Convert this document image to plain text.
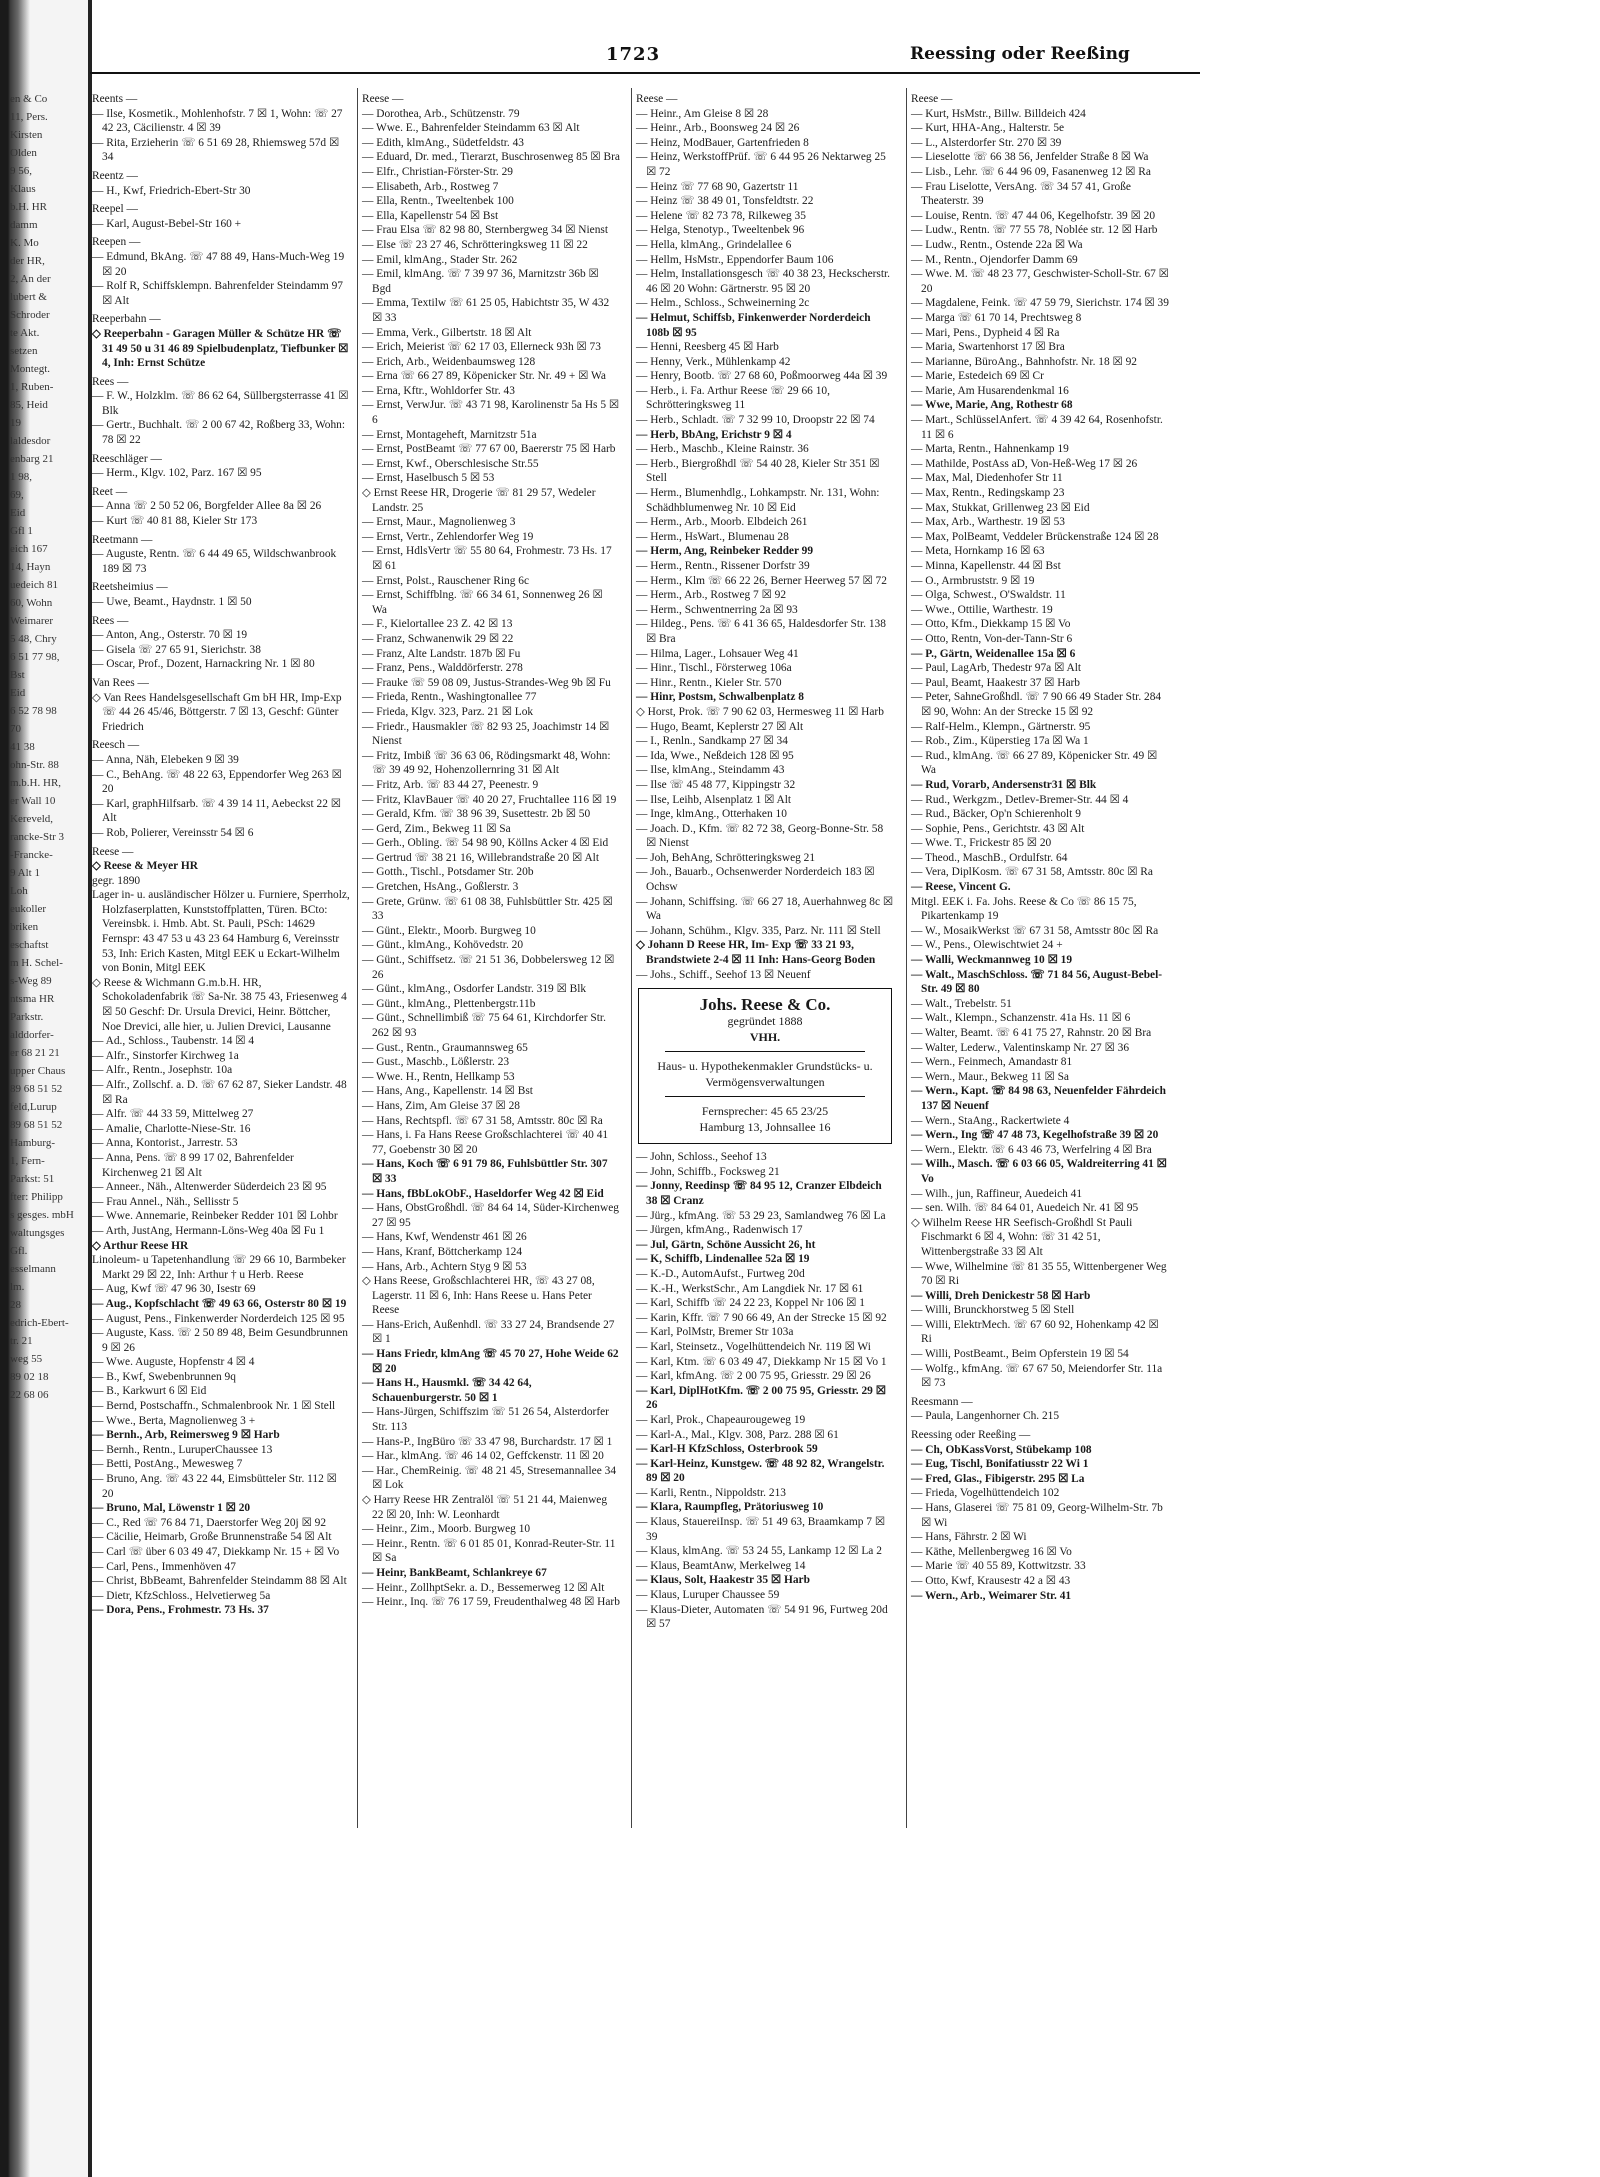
en & Co
11, Pers.
Kirsten
Olden
9 56,
Klaus
b.H. HR
damm
K. Mo
der HR,
2, An der
lubert &
Schroder
te Akt.
setzen
Montegt.
1, Ruben-
85, Heid
19
laldesdor
enbarg 21
1 98,
69,
Eid
Gfl 1
eich 167
14, Hayn
uedeich 81
60, Wohn
Weimarer
5 48, Chry
6 51 77 98,
Bst
Eid
6 52 78 98
70
41 38
ohn-Str. 88
m.b.H. HR,
er Wall 10
Kereveld,
rancke-Str 3
-Francke-
9 Alt 1
Loh
eukoller
briken
eschaftst
m H. Schel-
s-Weg 89
ntsma HR
Parkstr.
alddorfer-
er 68 21 21
upper Chaus
89 68 51 52
feld,Lurup
89 68 51 52
Hamburg-
1, Fern-
Parkst: 51
fter: Philipp
s gesges. mbH
waltungsges
Gfl.
esselmann
lm.
28
edrich-Ebert-
tr. 21
weg 55
89 02 18
22 68 06
1723	Reessing oder Reeßing

Reents —

— Ilse, Kosmetik., Mohlenhofstr. 7 ☒ 1, Wohn: ☏ 27 42 23, Cäcilienstr. 4 ☒ 39

— Rita, Erzieherin ☏ 6 51 69 28, Rhiemsweg 57d ☒ 34

Reentz —

— H., Kwf, Friedrich-Ebert-Str 30

Reepel —

— Karl, August-Bebel-Str 160 +

Reepen —

— Edmund, BkAng. ☏ 47 88 49, Hans-Much-Weg 19 ☒ 20

— Rolf R, Schiffsklempn. Bahrenfelder Steindamm 97 ☒ Alt

Reeperbahn —

◇ Reeperbahn - Garagen Müller & Schütze HR ☏ 31 49 50 u 31 46 89 Spielbudenplatz, Tiefbunker ☒ 4, Inh: Ernst Schütze

Rees —

— F. W., Holzklm. ☏ 86 62 64, Süllbergsterrasse 41 ☒ Blk

— Gertr., Buchhalt. ☏ 2 00 67 42, Roßberg 33, Wohn: 78 ☒ 22

Reeschläger —

— Herm., Klgv. 102, Parz. 167 ☒ 95

Reet —

— Anna ☏ 2 50 52 06, Borgfelder Allee 8a ☒ 26

— Kurt ☏ 40 81 88, Kieler Str 173

Reetmann —

— Auguste, Rentn. ☏ 6 44 49 65, Wildschwanbrook 189 ☒ 73

Reetsheimius —

— Uwe, Beamt., Haydnstr. 1 ☒ 50

Rees —

— Anton, Ang., Osterstr. 70 ☒ 19

— Gisela ☏ 27 65 91, Sierichstr. 38

— Oscar, Prof., Dozent, Harnackring Nr. 1 ☒ 80

Van Rees —

◇ Van Rees Handelsgesellschaft Gm bH HR, Imp-Exp ☏ 44 26 45/46, Böttgerstr. 7 ☒ 13, Geschf: Günter Friedrich

Reesch —

— Anna, Näh, Elebeken 9 ☒ 39

— C., BehAng. ☏ 48 22 63, Eppendorfer Weg 263 ☒ 20

— Karl, graphHilfsarb. ☏ 4 39 14 11, Aebeckst 22 ☒ Alt

— Rob, Polierer, Vereinsstr 54 ☒ 6

Reese —

◇ Reese & Meyer HR

gegr. 1890

Lager in- u. ausländischer Hölzer u. Furniere, Sperrholz, Holzfaserplatten, Kunststoffplatten, Türen. BCto: Vereinsbk. i. Hmb. Abt. St. Pauli, PSch: 14629 Fernspr: 43 47 53 u 43 23 64 Hamburg 6, Vereinsstr 53, Inh: Erich Kasten, Mitgl EEK u Eckart-Wilhelm von Bonin, Mitgl EEK

◇ Reese & Wichmann G.m.b.H. HR, Schokoladenfabrik ☏ Sa-Nr. 38 75 43, Friesenweg 4 ☒ 50 Geschf: Dr. Ursula Drevici, Heinr. Böttcher, Noe Drevici, alle hier, u. Julien Drevici, Lausanne

— Ad., Schloss., Taubenstr. 14 ☒ 4

— Alfr., Sinstorfer Kirchweg 1a

— Alfr., Rentn., Josephstr. 10a

— Alfr., Zollschf. a. D. ☏ 67 62 87, Sieker Landstr. 48 ☒ Ra

— Alfr. ☏ 44 33 59, Mittelweg 27

— Amalie, Charlotte-Niese-Str. 16

— Anna, Kontorist., Jarrestr. 53

— Anna, Pens. ☏ 8 99 17 02, Bahrenfelder Kirchenweg 21 ☒ Alt

— Anneer., Näh., Altenwerder Süderdeich 23 ☒ 95

— Frau Annel., Näh., Sellisstr 5

— Wwe. Annemarie, Reinbeker Redder 101 ☒ Lohbr

— Arth, JustAng, Hermann-Löns-Weg 40a ☒ Fu 1

◇ Arthur Reese HR

Linoleum- u Tapetenhandlung ☏ 29 66 10, Barmbeker Markt 29 ☒ 22, Inh: Arthur † u Herb. Reese

— Aug, Kwf ☏ 47 96 30, Isestr 69

— Aug., Kopfschlacht ☏ 49 63 66, Osterstr 80 ☒ 19

— August, Pens., Finkenwerder Norderdeich 125 ☒ 95

— Auguste, Kass. ☏ 2 50 89 48, Beim Gesundbrunnen 9 ☒ 26

— Wwe. Auguste, Hopfenstr 4 ☒ 4

— B., Kwf, Swebenbrunnen 9q

— B., Karkwurt 6 ☒ Eid

— Bernd, Postschaffn., Schmalenbrook Nr. 1 ☒ Stell

— Wwe., Berta, Magnolienweg 3 +

— Bernh., Arb, Reimersweg 9 ☒ Harb

— Bernh., Rentn., LuruperChaussee 13

— Betti, PostAng., Mewesweg 7

— Bruno, Ang. ☏ 43 22 44, Eimsbütteler Str. 112 ☒ 20

— Bruno, Mal, Löwenstr 1 ☒ 20

— C., Red ☏ 76 84 71, Daerstorfer Weg 20j ☒ 92

— Cäcilie, Heimarb, Große Brunnenstraße 54 ☒ Alt

— Carl ☏ über 6 03 49 47, Diekkamp Nr. 15 + ☒ Vo

— Carl, Pens., Immenhöven 47

— Christ, BbBeamt, Bahrenfelder Steindamm 88 ☒ Alt

— Dietr, KfzSchloss., Helvetierweg 5a

— Dora, Pens., Frohmestr. 73 Hs. 37

Reese —

— Dorothea, Arb., Schützenstr. 79

— Wwe. E., Bahrenfelder Steindamm 63 ☒ Alt

— Edith, klmAng., Südetfeldstr. 43

— Eduard, Dr. med., Tierarzt, Buschrosenweg 85 ☒ Bra

— Elfr., Christian-Förster-Str. 29

— Elisabeth, Arb., Rostweg 7

— Ella, Rentn., Tweeltenbek 100

— Ella, Kapellenstr 54 ☒ Bst

— Frau Elsa ☏ 82 98 80, Sternbergweg 34 ☒ Nienst

— Else ☏ 23 27 46, Schrötteringksweg 11 ☒ 22

— Emil, klmAng., Stader Str. 262

— Emil, klmAng. ☏ 7 39 97 36, Marnitzstr 36b ☒ Bgd

— Emma, Textilw ☏ 61 25 05, Habichtstr 35, W 432 ☒ 33

— Emma, Verk., Gilbertstr. 18 ☒ Alt

— Erich, Meierist ☏ 62 17 03, Ellerneck 93h ☒ 73

— Erich, Arb., Weidenbaumsweg 128

— Erna ☏ 66 27 89, Köpenicker Str. Nr. 49 + ☒ Wa

— Erna, Kftr., Wohldorfer Str. 43

— Ernst, VerwJur. ☏ 43 71 98, Karolinenstr 5a Hs 5 ☒ 6

— Ernst, Montageheft, Marnitzstr 51a

— Ernst, PostBeamt ☏ 77 67 00, Baererstr 75 ☒ Harb

— Ernst, Kwf., Oberschlesische Str.55

— Ernst, Haselbusch 5 ☒ 53

◇ Ernst Reese HR, Drogerie ☏ 81 29 57, Wedeler Landstr. 25

— Ernst, Maur., Magnolienweg 3

— Ernst, Vertr., Zehlendorfer Weg 19

— Ernst, HdlsVertr ☏ 55 80 64, Frohmestr. 73 Hs. 17 ☒ 61

— Ernst, Polst., Rauschener Ring 6c

— Ernst, Schiffblng. ☏ 66 34 61, Sonnenweg 26 ☒ Wa

— F., Kielortallee 23 Z. 42 ☒ 13

— Franz, Schwanenwik 29 ☒ 22

— Franz, Alte Landstr. 187b ☒ Fu

— Franz, Pens., Walddörferstr. 278

— Frauke ☏ 59 08 09, Justus-Strandes-Weg 9b ☒ Fu

— Frieda, Rentn., Washingtonallee 77

— Frieda, Klgv. 323, Parz. 21 ☒ Lok

— Friedr., Hausmakler ☏ 82 93 25, Joachimstr 14 ☒ Nienst

— Fritz, Imbiß ☏ 36 63 06, Rödingsmarkt 48, Wohn: ☏ 39 49 92, Hohenzollernring 31 ☒ Alt

— Fritz, Arb. ☏ 83 44 27, Peenestr. 9

— Fritz, KlavBauer ☏ 40 20 27, Fruchtallee 116 ☒ 19

— Gerald, Kfm. ☏ 38 96 39, Susettestr. 2b ☒ 50

— Gerd, Zim., Bekweg 11 ☒ Sa

— Gerh., Obling. ☏ 54 98 90, Köllns Acker 4 ☒ Eid

— Gertrud ☏ 38 21 16, Willebrandstraße 20 ☒ Alt

— Gotth., Tischl., Potsdamer Str. 20b

— Gretchen, HsAng., Goßlerstr. 3

— Grete, Grünw. ☏ 61 08 38, Fuhlsbüttler Str. 425 ☒ 33

— Günt., Elektr., Moorb. Burgweg 10

— Günt., klmAng., Kohövedstr. 20

— Günt., Schiffsetz. ☏ 21 51 36, Dobbelersweg 12 ☒ 26

— Günt., klmAng., Osdorfer Landstr. 319 ☒ Blk

— Günt., klmAng., Plettenbergstr.11b

— Günt., Schnellimbiß ☏ 75 64 61, Kirchdorfer Str. 262 ☒ 93

— Gust., Rentn., Graumannsweg 65

— Gust., Maschb., Lößlerstr. 23

— Wwe. H., Rentn, Hellkamp 53

— Hans, Ang., Kapellenstr. 14 ☒ Bst

— Hans, Zim, Am Gleise 37 ☒ 28

— Hans, Rechtspfl. ☏ 67 31 58, Amtsstr. 80c ☒ Ra

— Hans, i. Fa Hans Reese Großschlachterei ☏ 40 41 77, Goebenstr 30 ☒ 20

— Hans, Koch ☏ 6 91 79 86, Fuhlsbüttler Str. 307 ☒ 33

— Hans, fBbLokObF., Haseldorfer Weg 42 ☒ Eid

— Hans, ObstGroßhdl. ☏ 84 64 14, Süder-Kirchenweg 27 ☒ 95

— Hans, Kwf, Wendenstr 461 ☒ 26

— Hans, Kranf, Böttcherkamp 124

— Hans, Arb., Achtern Styg 9 ☒ 53

◇ Hans Reese, Großschlachterei HR, ☏ 43 27 08, Lagerstr. 11 ☒ 6, Inh: Hans Reese u. Hans Peter Reese

— Hans-Erich, Außenhdl. ☏ 33 27 24, Brandsende 27 ☒ 1

— Hans Friedr, klmAng ☏ 45 70 27, Hohe Weide 62 ☒ 20

— Hans H., Hausmkl. ☏ 34 42 64, Schauenburgerstr. 50 ☒ 1

— Hans-Jürgen, Schiffszim ☏ 51 26 54, Alsterdorfer Str. 113

— Hans-P., IngBüro ☏ 33 47 98, Burchardstr. 17 ☒ 1

— Har., klmAng. ☏ 46 14 02, Geffckenstr. 11 ☒ 20

— Har., ChemReinig. ☏ 48 21 45, Stresemannallee 34 ☒ Lok

◇ Harry Reese HR Zentralöl ☏ 51 21 44, Maienweg 22 ☒ 20, Inh: W. Leonhardt

— Heinr., Zim., Moorb. Burgweg 10

— Heinr., Rentn. ☏ 6 01 85 01, Konrad-Reuter-Str. 11 ☒ Sa

— Heinr, BankBeamt, Schlankreye 67

— Heinr., ZollhptSekr. a. D., Bessemerweg 12 ☒ Alt

— Heinr., Inq. ☏ 76 17 59, Freudenthalweg 48 ☒ Harb

Reese —

— Heinr., Am Gleise 8 ☒ 28

— Heinr., Arb., Boonsweg 24 ☒ 26

— Heinz, ModBauer, Gartenfrieden 8

— Heinz, WerkstoffPrüf. ☏ 6 44 95 26 Nektarweg 25 ☒ 72

— Heinz ☏ 77 68 90, Gazertstr 11

— Heinz ☏ 38 49 01, Tonsfeldtstr. 22

— Helene ☏ 82 73 78, Rilkeweg 35

— Helga, Stenotyp., Tweeltenbek 96

— Hella, klmAng., Grindelallee 6

— Hellm, HsMstr., Eppendorfer Baum 106

— Helm, Installationsgesch ☏ 40 38 23, Heckscherstr. 46 ☒ 20 Wohn: Gärtnerstr. 95 ☒ 20

— Helm., Schloss., Schweinerning 2c

— Helmut, Schiffsb, Finkenwerder Norderdeich 108b ☒ 95

— Henni, Reesberg 45 ☒ Harb

— Henny, Verk., Mühlenkamp 42

— Henry, Bootb. ☏ 27 68 60, Poßmoorweg 44a ☒ 39

— Herb., i. Fa. Arthur Reese ☏ 29 66 10, Schrötteringksweg 11

— Herb., Schladt. ☏ 7 32 99 10, Droopstr 22 ☒ 74

— Herb, BbAng, Erichstr 9 ☒ 4

— Herb., Maschb., Kleine Rainstr. 36

— Herb., Biergroßhdl ☏ 54 40 28, Kieler Str 351 ☒ Stell

— Herm., Blumenhdlg., Lohkampstr. Nr. 131, Wohn: Schädhblumenweg Nr. 10 ☒ Eid

— Herm., Arb., Moorb. Elbdeich 261

— Herm., HsWart., Blumenau 28

— Herm, Ang, Reinbeker Redder 99

— Herm., Rentn., Rissener Dorfstr 39

— Herm., Klm ☏ 66 22 26, Berner Heerweg 57 ☒ 72

— Herm., Arb., Rostweg 7 ☒ 92

— Herm., Schwentnerring 2a ☒ 93

— Hildeg., Pens. ☏ 6 41 36 65, Haldesdorfer Str. 138 ☒ Bra

— Hilma, Lager., Lohsauer Weg 41

— Hinr., Tischl., Försterweg 106a

— Hinr., Rentn., Kieler Str. 570

— Hinr, Postsm, Schwalbenplatz 8

◇ Horst, Prok. ☏ 7 90 62 03, Hermesweg 11 ☒ Harb

— Hugo, Beamt, Keplerstr 27 ☒ Alt

— I., Renln., Sandkamp 27 ☒ 34

— Ida, Wwe., Neßdeich 128 ☒ 95

— Ilse, klmAng., Steindamm 43

— Ilse ☏ 45 48 77, Kippingstr 32

— Ilse, Leihb, Alsenplatz 1 ☒ Alt

— Inge, klmAng., Otterhaken 10

— Joach. D., Kfm. ☏ 82 72 38, Georg-Bonne-Str. 58 ☒ Nienst

— Joh, BehAng, Schrötteringksweg 21

— Joh., Bauarb., Ochsenwerder Norderdeich 183 ☒ Ochsw

— Johann, Schiffsing. ☏ 66 27 18, Auerhahnweg 8c ☒ Wa

— Johann, Schühm., Klgv. 335, Parz. Nr. 111 ☒ Stell

◇ Johann D Reese HR, Im- Exp ☏ 33 21 93, Brandstwiete 2-4 ☒ 11 Inh: Hans-Georg Boden

— Johs., Schiff., Seehof 13 ☒ Neuenf

Johs. Reese & Co.
gegründet 1888
VHH.
Haus- u. Hypothekenmakler Grundstücks- u. Vermögensverwaltungen
Fernsprecher: 45 65 23/25
Hamburg 13, Johnsallee 16

— John, Schloss., Seehof 13

— John, Schiffb., Focksweg 21

— Jonny, Reedinsp ☏ 84 95 12, Cranzer Elbdeich 38 ☒ Cranz

— Jürg., kfmAng. ☏ 53 29 23, Samlandweg 76 ☒ La

— Jürgen, kfmAng., Radenwisch 17

— Jul, Gärtn, Schöne Aussicht 26, ht

— K, Schiffb, Lindenallee 52a ☒ 19

— K.-D., AutomAufst., Furtweg 20d

— K.-H., WerkstSchr., Am Langdiek Nr. 17 ☒ 61

— Karl, Schiffb ☏ 24 22 23, Koppel Nr 106 ☒ 1

— Karin, Kffr. ☏ 7 90 66 49, An der Strecke 15 ☒ 92

— Karl, PolMstr, Bremer Str 103a

— Karl, Steinsetz., Vogelhüttendeich Nr. 119 ☒ Wi

— Karl, Ktm. ☏ 6 03 49 47, Diekkamp Nr 15 ☒ Vo 1

— Karl, kfmAng. ☏ 2 00 75 95, Griesstr. 29 ☒ 26

— Karl, DiplHotKfm. ☏ 2 00 75 95, Griesstr. 29 ☒ 26

— Karl, Prok., Chapeaurougeweg 19

— Karl-A., Mal., Klgv. 308, Parz. 288 ☒ 61

— Karl-H KfzSchloss, Osterbrook 59

— Karl-Heinz, Kunstgew. ☏ 48 92 82, Wrangelstr. 89 ☒ 20

— Karli, Rentn., Nippoldstr. 213

— Klara, Raumpfleg, Prätoriusweg 10

— Klaus, StauereiInsp. ☏ 51 49 63, Braamkamp 7 ☒ 39

— Klaus, klmAng. ☏ 53 24 55, Lankamp 12 ☒ La 2

— Klaus, BeamtAnw, Merkelweg 14

— Klaus, Solt, Haakestr 35 ☒ Harb

— Klaus, Luruper Chaussee 59

— Klaus-Dieter, Automaten ☏ 54 91 96, Furtweg 20d ☒ 57

Reese —

— Kurt, HsMstr., Billw. Billdeich 424

— Kurt, HHA-Ang., Halterstr. 5e

— L., Alsterdorfer Str. 270 ☒ 39

— Lieselotte ☏ 66 38 56, Jenfelder Straße 8 ☒ Wa

— Lisb., Lehr. ☏ 6 44 96 09, Fasanenweg 12 ☒ Ra

— Frau Liselotte, VersAng. ☏ 34 57 41, Große Theaterstr. 39

— Louise, Rentn. ☏ 47 44 06, Kegelhofstr. 39 ☒ 20

— Ludw., Rentn. ☏ 77 55 78, Noblée str. 12 ☒ Harb

— Ludw., Rentn., Ostende 22a ☒ Wa

— M., Rentn., Ojendorfer Damm 69

— Wwe. M. ☏ 48 23 77, Geschwister-Scholl-Str. 67 ☒ 20

— Magdalene, Feink. ☏ 47 59 79, Sierichstr. 174 ☒ 39

— Marga ☏ 61 70 14, Prechtsweg 8

— Mari, Pens., Dypheid 4 ☒ Ra

— Maria, Swartenhorst 17 ☒ Bra

— Marianne, BüroAng., Bahnhofstr. Nr. 18 ☒ 92

— Marie, Estedeich 69 ☒ Cr

— Marie, Am Husarendenkmal 16

— Wwe, Marie, Ang, Rothestr 68

— Mart., SchlüsselAnfert. ☏ 4 39 42 64, Rosenhofstr. 11 ☒ 6

— Marta, Rentn., Hahnenkamp 19

— Mathilde, PostAss aD, Von-Heß-Weg 17 ☒ 26

— Max, Mal, Diedenhofer Str 11

— Max, Rentn., Redingskamp 23

— Max, Stukkat, Grillenweg 23 ☒ Eid

— Max, Arb., Warthestr. 19 ☒ 53

— Max, PolBeamt, Veddeler Brückenstraße 124 ☒ 28

— Meta, Hornkamp 16 ☒ 63

— Minna, Kapellenstr. 44 ☒ Bst

— O., Armbruststr. 9 ☒ 19

— Olga, Schwest., O'Swaldstr. 11

— Wwe., Ottilie, Warthestr. 19

— Otto, Kfm., Diekkamp 15 ☒ Vo

— Otto, Rentn, Von-der-Tann-Str 6

— P., Gärtn, Weidenallee 15a ☒ 6

— Paul, LagArb, Thedestr 97a ☒ Alt

— Paul, Beamt, Haakestr 37 ☒ Harb

— Peter, SahneGroßhdl. ☏ 7 90 66 49 Stader Str. 284 ☒ 90, Wohn: An der Strecke 15 ☒ 92

— Ralf-Helm., Klempn., Gärtnerstr. 95

— Rob., Zim., Küperstieg 17a ☒ Wa 1

— Rud., klmAng. ☏ 66 27 89, Köpenicker Str. 49 ☒ Wa

— Rud, Vorarb, Andersenstr31 ☒ Blk

— Rud., Werkgzm., Detlev-Bremer-Str. 44 ☒ 4

— Rud., Bäcker, Op'n Schierenholt 9

— Sophie, Pens., Gerichtstr. 43 ☒ Alt

— Wwe. T., Frickestr 85 ☒ 20

— Theod., MaschB., Ordulfstr. 64

— Vera, DiplKosm. ☏ 67 31 58, Amtsstr. 80c ☒ Ra

— Reese, Vincent G.

Mitgl. EEK i. Fa. Johs. Reese & Co ☏ 86 15 75, Pikartenkamp 19

— W., MosaikWerkst ☏ 67 31 58, Amtsstr 80c ☒ Ra

— W., Pens., Olewischtwiet 24 +

— Walli, Weckmannweg 10 ☒ 19

— Walt., MaschSchloss. ☏ 71 84 56, August-Bebel-Str. 49 ☒ 80

— Walt., Trebelstr. 51

— Walt., Klempn., Schanzenstr. 41a Hs. 11 ☒ 6

— Walter, Beamt. ☏ 6 41 75 27, Rahnstr. 20 ☒ Bra

— Walter, Lederw., Valentinskamp Nr. 27 ☒ 36

— Wern., Feinmech, Amandastr 81

— Wern., Maur., Bekweg 11 ☒ Sa

— Wern., Kapt. ☏ 84 98 63, Neuenfelder Fährdeich 137 ☒ Neuenf

— Wern., StaAng., Rackertwiete 4

— Wern., Ing ☏ 47 48 73, Kegelhofstraße 39 ☒ 20

— Wern., Elektr. ☏ 6 43 46 73, Werfelring 4 ☒ Bra

— Wilh., Masch. ☏ 6 03 66 05, Waldreiterring 41 ☒ Vo

— Wilh., jun, Raffineur, Auedeich 41

— sen. Wilh. ☏ 84 64 01, Auedeich Nr. 41 ☒ 95

◇ Wilhelm Reese HR Seefisch-Großhdl St Pauli Fischmarkt 6 ☒ 4, Wohn: ☏ 31 42 51, Wittenbergstraße 33 ☒ Alt

— Wwe, Wilhelmine ☏ 81 35 55, Wittenbergener Weg 70 ☒ Ri

— Willi, Dreh Denickestr 58 ☒ Harb

— Willi, Brunckhorstweg 5 ☒ Stell

— Willi, ElektrMech. ☏ 67 60 92, Hohenkamp 42 ☒ Ri

— Willi, PostBeamt., Beim Opferstein 19 ☒ 54

— Wolfg., kfmAng. ☏ 67 67 50, Meiendorfer Str. 11a ☒ 73

Reesmann —

— Paula, Langenhorner Ch. 215

Reessing oder Reeßing —

— Ch, ObKassVorst, Stübekamp 108

— Eug, Tischl, Bonifatiusstr 22 Wi 1

— Fred, Glas., Fibigerstr. 295 ☒ La

— Frieda, Vogelhüttendeich 102

— Hans, Glaserei ☏ 75 81 09, Georg-Wilhelm-Str. 7b ☒ Wi

— Hans, Fährstr. 2 ☒ Wi

— Käthe, Mellenbergweg 16 ☒ Vo

— Marie ☏ 40 55 89, Kottwitzstr. 33

— Otto, Kwf, Krausestr 42 a ☒ 43

— Wern., Arb., Weimarer Str. 41
